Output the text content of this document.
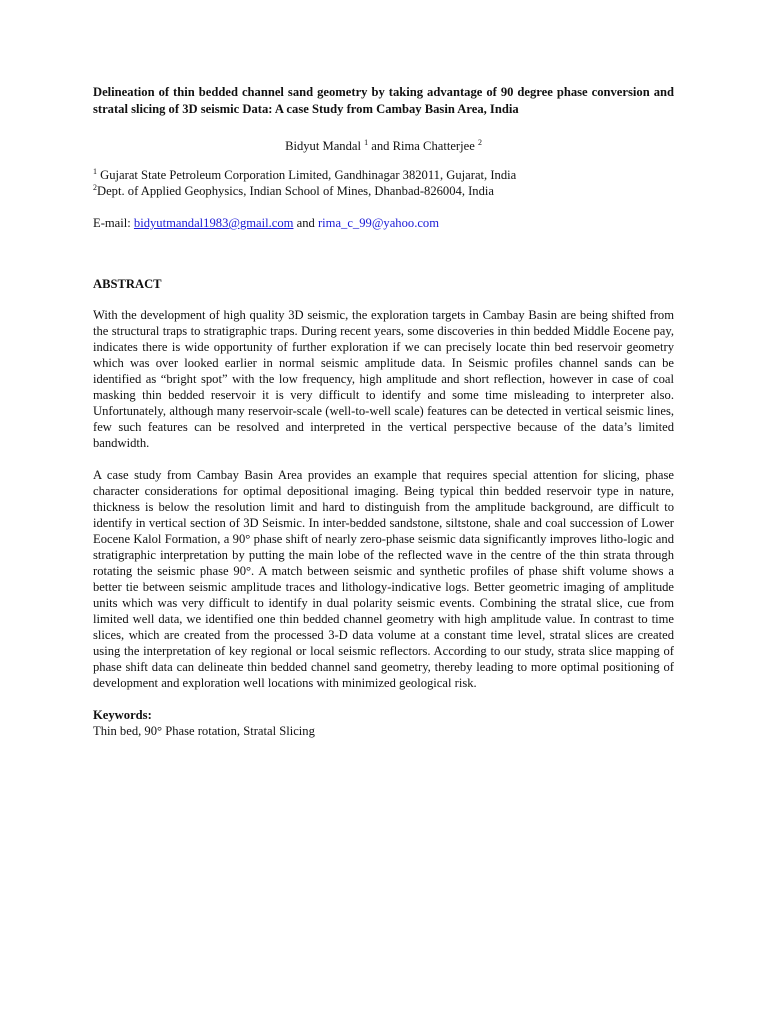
Delineation of thin bedded channel sand geometry by taking advantage of 90 degree phase conversion and stratal slicing of 3D seismic Data: A case Study from Cambay Basin Area, India

Bidyut Mandal $^1$ and Rima Chatterjee $^2$
$^1$ Gujarat State Petroleum Corporation Limited, Gandhinagar 382011, Gujarat, India
$^2$Dept. of Applied Geophysics, Indian School of Mines, Dhanbad-826004, India
E-mail: bidyutmandal1983@gmail.com and rima_c_99@yahoo.com
ABSTRACT

With the development of high quality 3D seismic, the exploration targets in Cambay Basin are being shifted from the structural traps to stratigraphic traps. During recent years, some discoveries in thin bedded Middle Eocene pay, indicates there is wide opportunity of further exploration if we can precisely locate thin bed reservoir geometry which was over looked earlier in normal seismic amplitude data. In Seismic profiles channel sands can be identified as “bright spot” with the low frequency, high amplitude and short reflection, however in case of coal masking thin bedded reservoir it is very difficult to identify and some time misleading to interpreter also. Unfortunately, although many reservoir-scale (well-to-well scale) features can be detected in vertical seismic lines, few such features can be resolved and interpreted in the vertical perspective because of the data’s limited bandwidth.

A case study from Cambay Basin Area provides an example that requires special attention for slicing, phase character considerations for optimal depositional imaging. Being typical thin bedded reservoir type in nature, thickness is below the resolution limit and hard to distinguish from the amplitude background, are difficult to identify in vertical section of 3D Seismic. In inter-bedded sandstone, siltstone, shale and coal succession of Lower Eocene Kalol Formation, a 90° phase shift of nearly zero-phase seismic data significantly improves litho-logic and stratigraphic interpretation by putting the main lobe of the reflected wave in the centre of the thin strata through rotating the seismic phase 90°. A match between seismic and synthetic profiles of phase shift volume shows a better tie between seismic amplitude traces and lithology-indicative logs. Better geometric imaging of amplitude units which was very difficult to identify in dual polarity seismic events. Combining the stratal slice, cue from limited well data, we identified one thin bedded channel geometry with high amplitude value. In contrast to time slices, which are created from the processed 3-D data volume at a constant time level, stratal slices are created using the interpretation of key regional or local seismic reflectors. According to our study, strata slice mapping of phase shift data can delineate thin bedded channel sand geometry, thereby leading to more optimal positioning of development and exploration well locations with minimized geological risk.

Keywords:
Thin bed, 90° Phase rotation, Stratal Slicing
